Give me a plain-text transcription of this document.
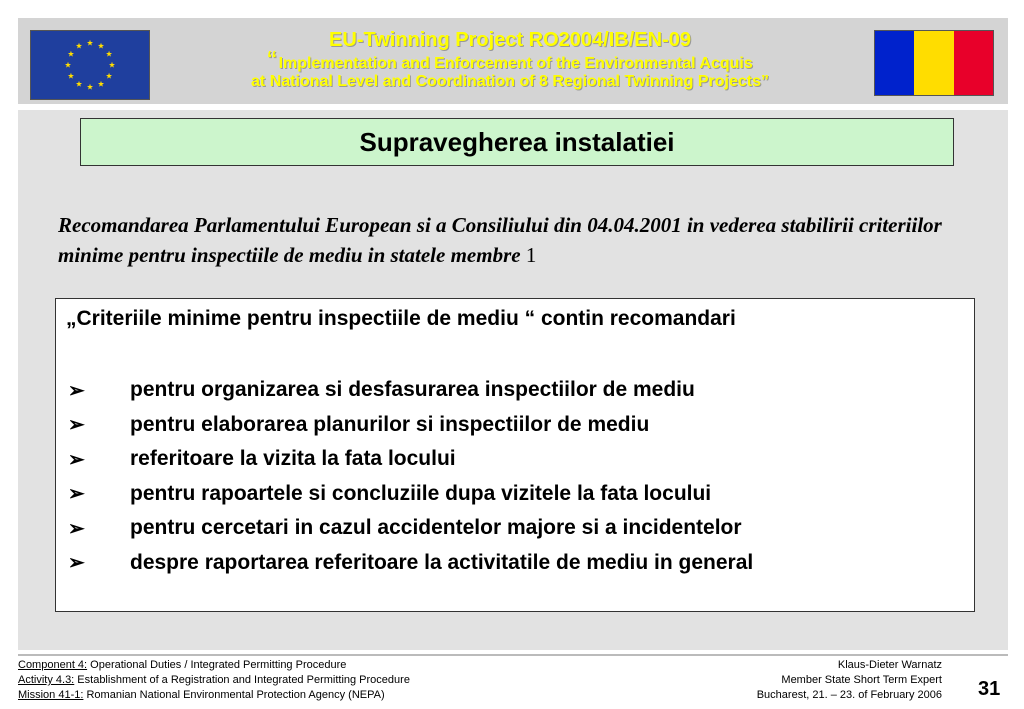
EU-Twinning Project RO2004/IB/EN-09
“ Implementation and Enforcement of the Environmental Acquis
at National Level and Coordination of 8 Regional Twinning Projects”
Supravegherea instalatiei
Recomandarea Parlamentului European si a Consiliului din 04.04.2001 in vederea stabilirii criteriilor minime pentru inspectiile de mediu in statele membre 1
„Criteriile minime pentru inspectiile de mediu “ contin recomandari
➢	pentru organizarea si desfasurarea inspectiilor de mediu
➢	pentru elaborarea planurilor si inspectiilor de mediu
➢	referitoare la vizita la fata locului
➢	pentru rapoartele si concluziile dupa vizitele la fata locului
➢	pentru cercetari in cazul accidentelor majore si a incidentelor
➢	despre raportarea referitoare la activitatile de mediu in general
Component 4: Operational Duties / Integrated Permitting Procedure
Activity 4.3: Establishment of a Registration and Integrated Permitting Procedure
Mission 41-1: Romanian National Environmental Protection Agency (NEPA)
Klaus-Dieter Warnatz
Member State Short Term Expert
Bucharest, 21. – 23. of February 2006 31
